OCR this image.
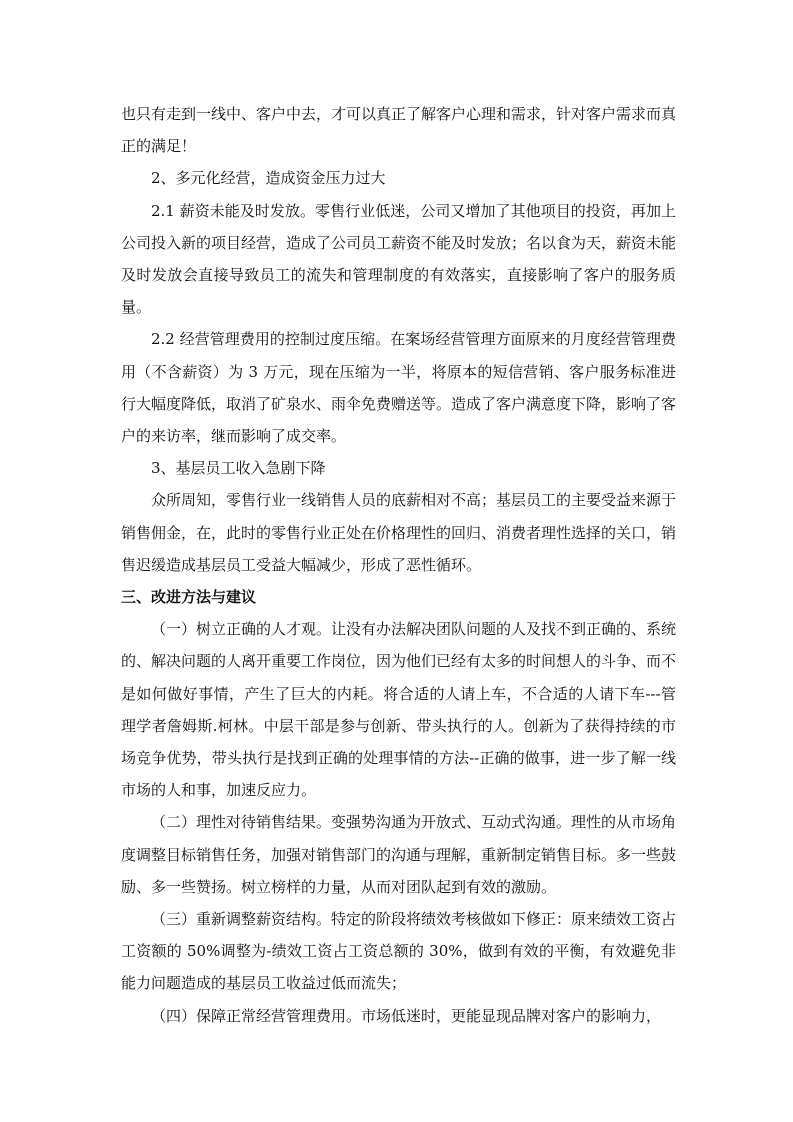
也只有走到一线中、客户中去，才可以真正了解客户心理和需求，针对客户需求而真正的满足！

2、多元化经营，造成资金压力过大

2.1 薪资未能及时发放。零售行业低迷，公司又增加了其他项目的投资，再加上公司投入新的项目经营，造成了公司员工薪资不能及时发放；名以食为天，薪资未能及时发放会直接导致员工的流失和管理制度的有效落实，直接影响了客户的服务质量。

2.2 经营管理费用的控制过度压缩。在案场经营管理方面原来的月度经营管理费用（不含薪资）为 3 万元，现在压缩为一半，将原本的短信营销、客户服务标准进行大幅度降低，取消了矿泉水、雨伞免费赠送等。造成了客户满意度下降，影响了客户的来访率，继而影响了成交率。

3、基层员工收入急剧下降

众所周知，零售行业一线销售人员的底薪相对不高；基层员工的主要受益来源于销售佣金，在，此时的零售行业正处在价格理性的回归、消费者理性选择的关口，销售迟缓造成基层员工受益大幅减少，形成了恶性循环。

三、改进方法与建议

（一）树立正确的人才观。让没有办法解决团队问题的人及找不到正确的、系统的、解决问题的人离开重要工作岗位，因为他们已经有太多的时间想人的斗争、而不是如何做好事情，产生了巨大的内耗。将合适的人请上车，不合适的人请下车---管理学者詹姆斯.柯林。中层干部是参与创新、带头执行的人。创新为了获得持续的市场竞争优势，带头执行是找到正确的处理事情的方法--正确的做事，进一步了解一线市场的人和事，加速反应力。

（二）理性对待销售结果。变强势沟通为开放式、互动式沟通。理性的从市场角度调整目标销售任务，加强对销售部门的沟通与理解，重新制定销售目标。多一些鼓励、多一些赞扬。树立榜样的力量，从而对团队起到有效的激励。

（三）重新调整薪资结构。特定的阶段将绩效考核做如下修正：原来绩效工资占工资额的 50%调整为-绩效工资占工资总额的 30%，做到有效的平衡，有效避免非能力问题造成的基层员工收益过低而流失；

（四）保障正常经营管理费用。市场低迷时，更能显现品牌对客户的影响力，
